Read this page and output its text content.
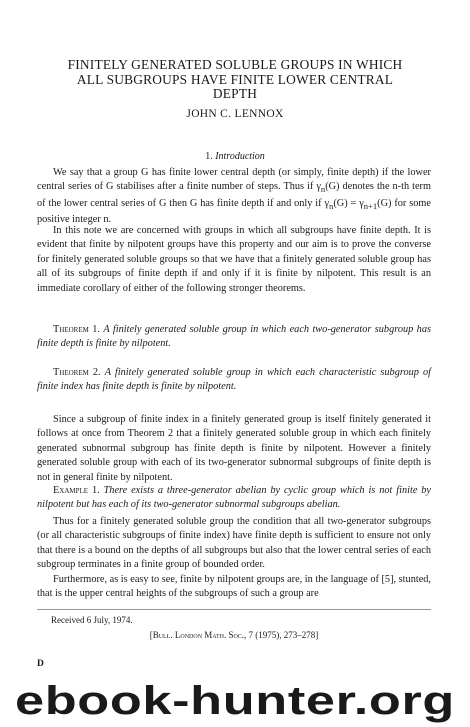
FINITELY GENERATED SOLUBLE GROUPS IN WHICH
ALL SUBGROUPS HAVE FINITE LOWER CENTRAL
DEPTH
JOHN C. LENNOX
1. Introduction

We say that a group G has finite lower central depth (or simply, finite depth) if the lower central series of G stabilises after a finite number of steps. Thus if $\gamma_n(G)$ denotes the n-th term of the lower central series of G then G has finite depth if and only if $\gamma_n(G) = \gamma_{n+1}(G)$ for some positive integer n.

In this note we are concerned with groups in which all subgroups have finite depth. It is evident that finite by nilpotent groups have this property and our aim is to prove the converse for finitely generated soluble groups so that we have that a finitely generated soluble group has all of its subgroups of finite depth if and only if it is finite by nilpotent. This result is an immediate corollary of either of the following stronger theorems.

Theorem 1. A finitely generated soluble group in which each two-generator subgroup has finite depth is finite by nilpotent.

Theorem 2. A finitely generated soluble group in which each characteristic subgroup of finite index has finite depth is finite by nilpotent.

Since a subgroup of finite index in a finitely generated group is itself finitely generated it follows at once from Theorem 2 that a finitely generated soluble group in which each finitely generated subnormal subgroup has finite depth is finite by nilpotent. However a finitely generated soluble group with each of its two-generator subnormal subgroups of finite depth is not in general finite by nilpotent.

Example 1. There exists a three-generator abelian by cyclic group which is not finite by nilpotent but has each of its two-generator subnormal subgroups abelian.

Thus for a finitely generated soluble group the condition that all two-generator subgroups (or all characteristic subgroups of finite index) have finite depth is sufficient to ensure not only that there is a bound on the depths of all subgroups but also that the lower central series of each subgroup terminates in a finite group of bounded order.

Furthermore, as is easy to see, finite by nilpotent groups are, in the language of [5], stunted, that is the upper central heights of the subgroups of such a group are

Received 6 July, 1974.
[Bull. London Math. Soc., 7 (1975), 273–278]
D
ebook-hunter.org
